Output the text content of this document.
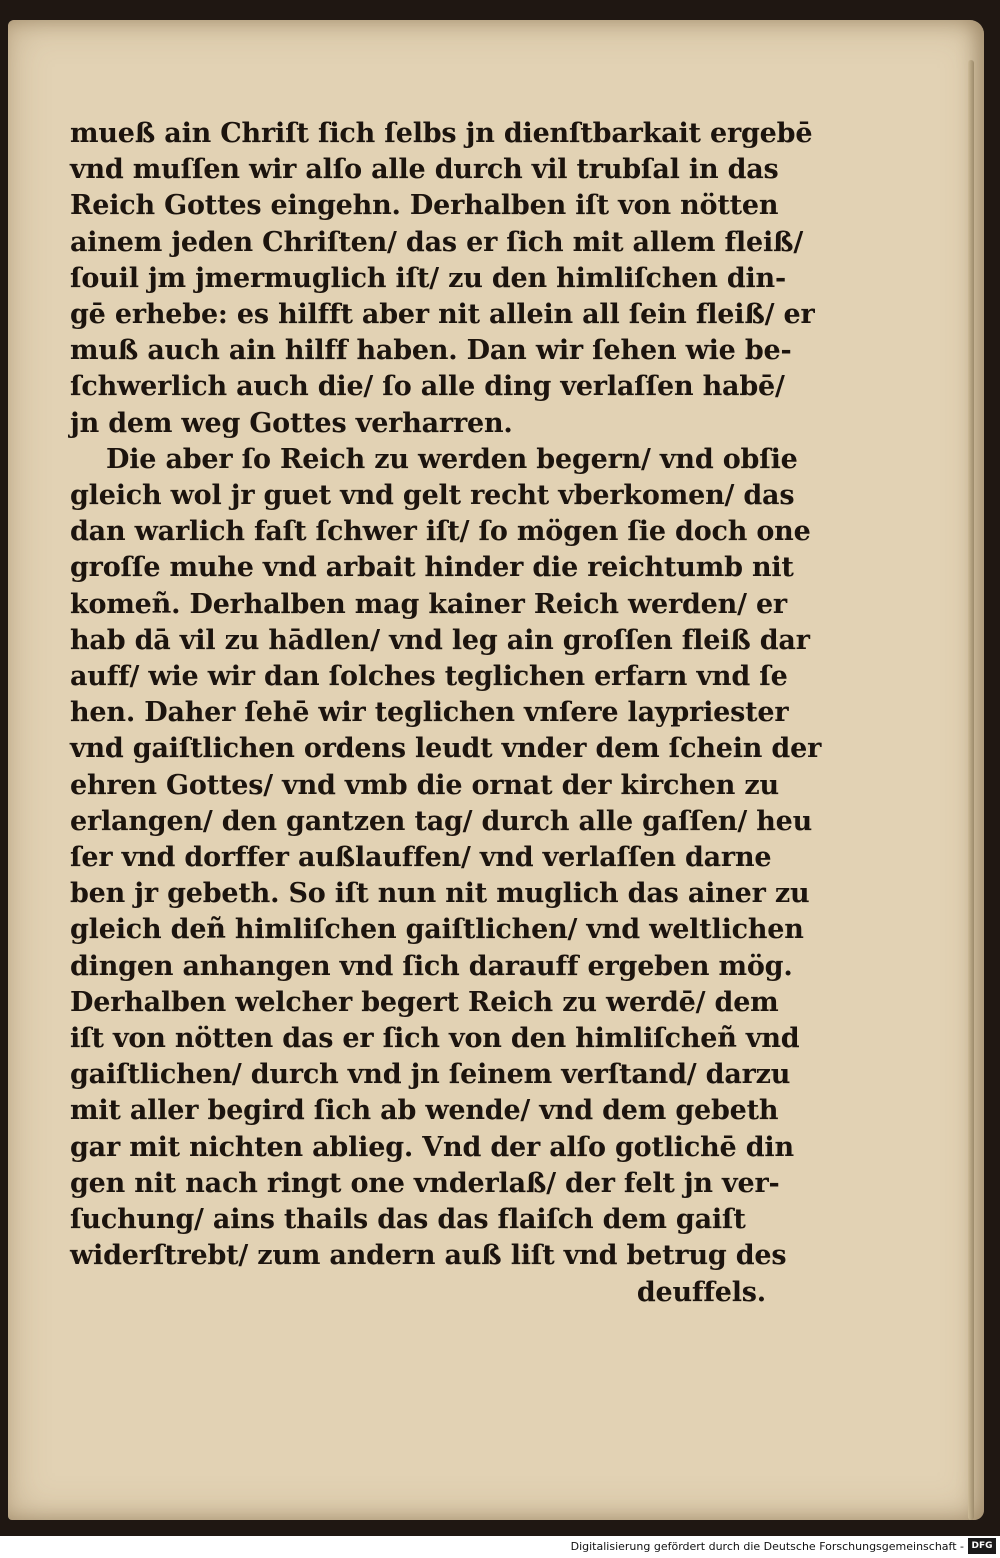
mueß ain Chriſt ſich ſelbs jn dienſtbarkait ergebē
vnd muſſen wir alſo alle durch vil trubſal in das
Reich Gottes eingehn. Derhalben iſt von nötten
ainem jeden Chriſten/ das er ſich mit allem fleiß/
ſouil jm jmermuglich iſt/ zu den himliſchen din-
gē erhebe: es hilfft aber nit allein all ſein fleiß/ er
muß auch ain hilff haben. Dan wir ſehen wie be-
ſchwerlich auch die/ ſo alle ding verlaſſen habē/
jn dem weg Gottes verharren.
Die aber ſo Reich zu werden begern/ vnd obſie
gleich wol jr guet vnd gelt recht vberkomen/ das
dan warlich faſt ſchwer iſt/ ſo mögen ſie doch one
groſſe muhe vnd arbait hinder die reichtumb nit
komeñ. Derhalben mag kainer Reich werden/ er
hab dā vil zu hādlen/ vnd leg ain groſſen fleiß dar
auff/ wie wir dan ſolches teglichen erfarn vnd ſe
hen. Daher ſehē wir teglichen vnſere laypriester
vnd gaiſtlichen ordens leudt vnder dem ſchein der
ehren Gottes/ vnd vmb die ornat der kirchen zu
erlangen/ den gantzen tag/ durch alle gaſſen/ heu
ſer vnd dorffer außlauffen/ vnd verlaſſen darne
ben jr gebeth. So iſt nun nit muglich das ainer zu
gleich deñ himliſchen gaiſtlichen/ vnd weltlichen
dingen anhangen vnd ſich darauff ergeben mög.
Derhalben welcher begert Reich zu werdē/ dem
iſt von nötten das er ſich von den himliſcheñ vnd
gaiſtlichen/ durch vnd jn ſeinem verſtand/ darzu
mit aller begird ſich ab wende/ vnd dem gebeth
gar mit nichten ablieg. Vnd der alſo gotlichē din
gen nit nach ringt one vnderlaß/ der felt jn ver-
ſuchung/ ains thails das das flaiſch dem gaiſt
widerſtrebt/ zum andern auß liſt vnd betrug des
deuffels.
Digitalisierung gefördert durch die Deutsche Forschungsgemeinschaft - DFG
